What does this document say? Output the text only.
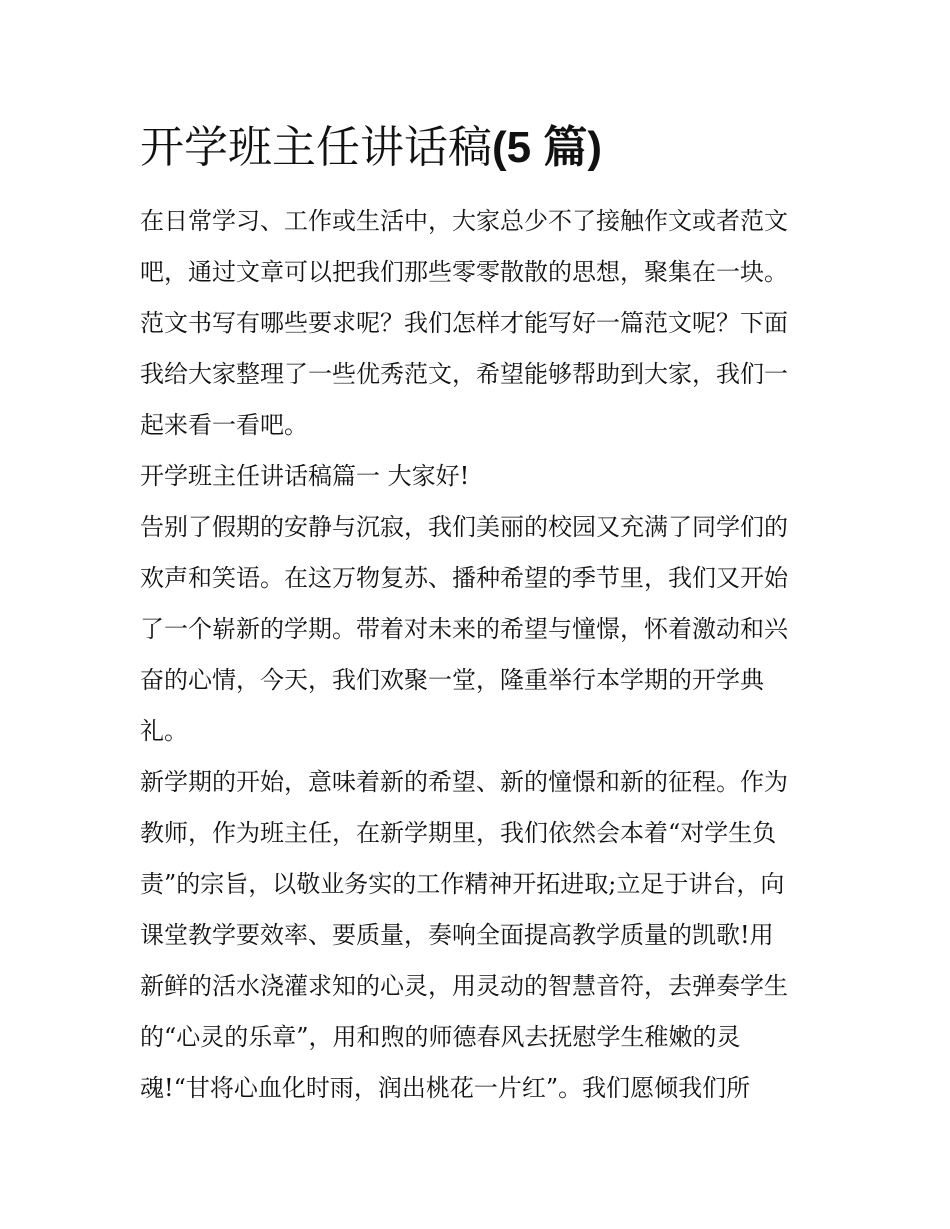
开学班主任讲话稿(5 篇)
在日常学习、工作或生活中，大家总少不了接触作文或者范文
吧，通过文章可以把我们那些零零散散的思想，聚集在一块。
范文书写有哪些要求呢？我们怎样才能写好一篇范文呢？下面
我给大家整理了一些优秀范文，希望能够帮助到大家，我们一
起来看一看吧。
开学班主任讲话稿篇一 大家好!
告别了假期的安静与沉寂，我们美丽的校园又充满了同学们的
欢声和笑语。在这万物复苏、播种希望的季节里，我们又开始
了一个崭新的学期。带着对未来的希望与憧憬，怀着激动和兴
奋的心情，今天，我们欢聚一堂，隆重举行本学期的开学典
礼。
新学期的开始，意味着新的希望、新的憧憬和新的征程。作为
教师，作为班主任，在新学期里，我们依然会本着“对学生负
责”的宗旨，以敬业务实的工作精神开拓进取;立足于讲台，向
课堂教学要效率、要质量，奏响全面提高教学质量的凯歌!用
新鲜的活水浇灌求知的心灵，用灵动的智慧音符，去弹奏学生
的“心灵的乐章”，用和煦的师德春风去抚慰学生稚嫩的灵
魂!“甘将心血化时雨，润出桃花一片红”。我们愿倾我们所
